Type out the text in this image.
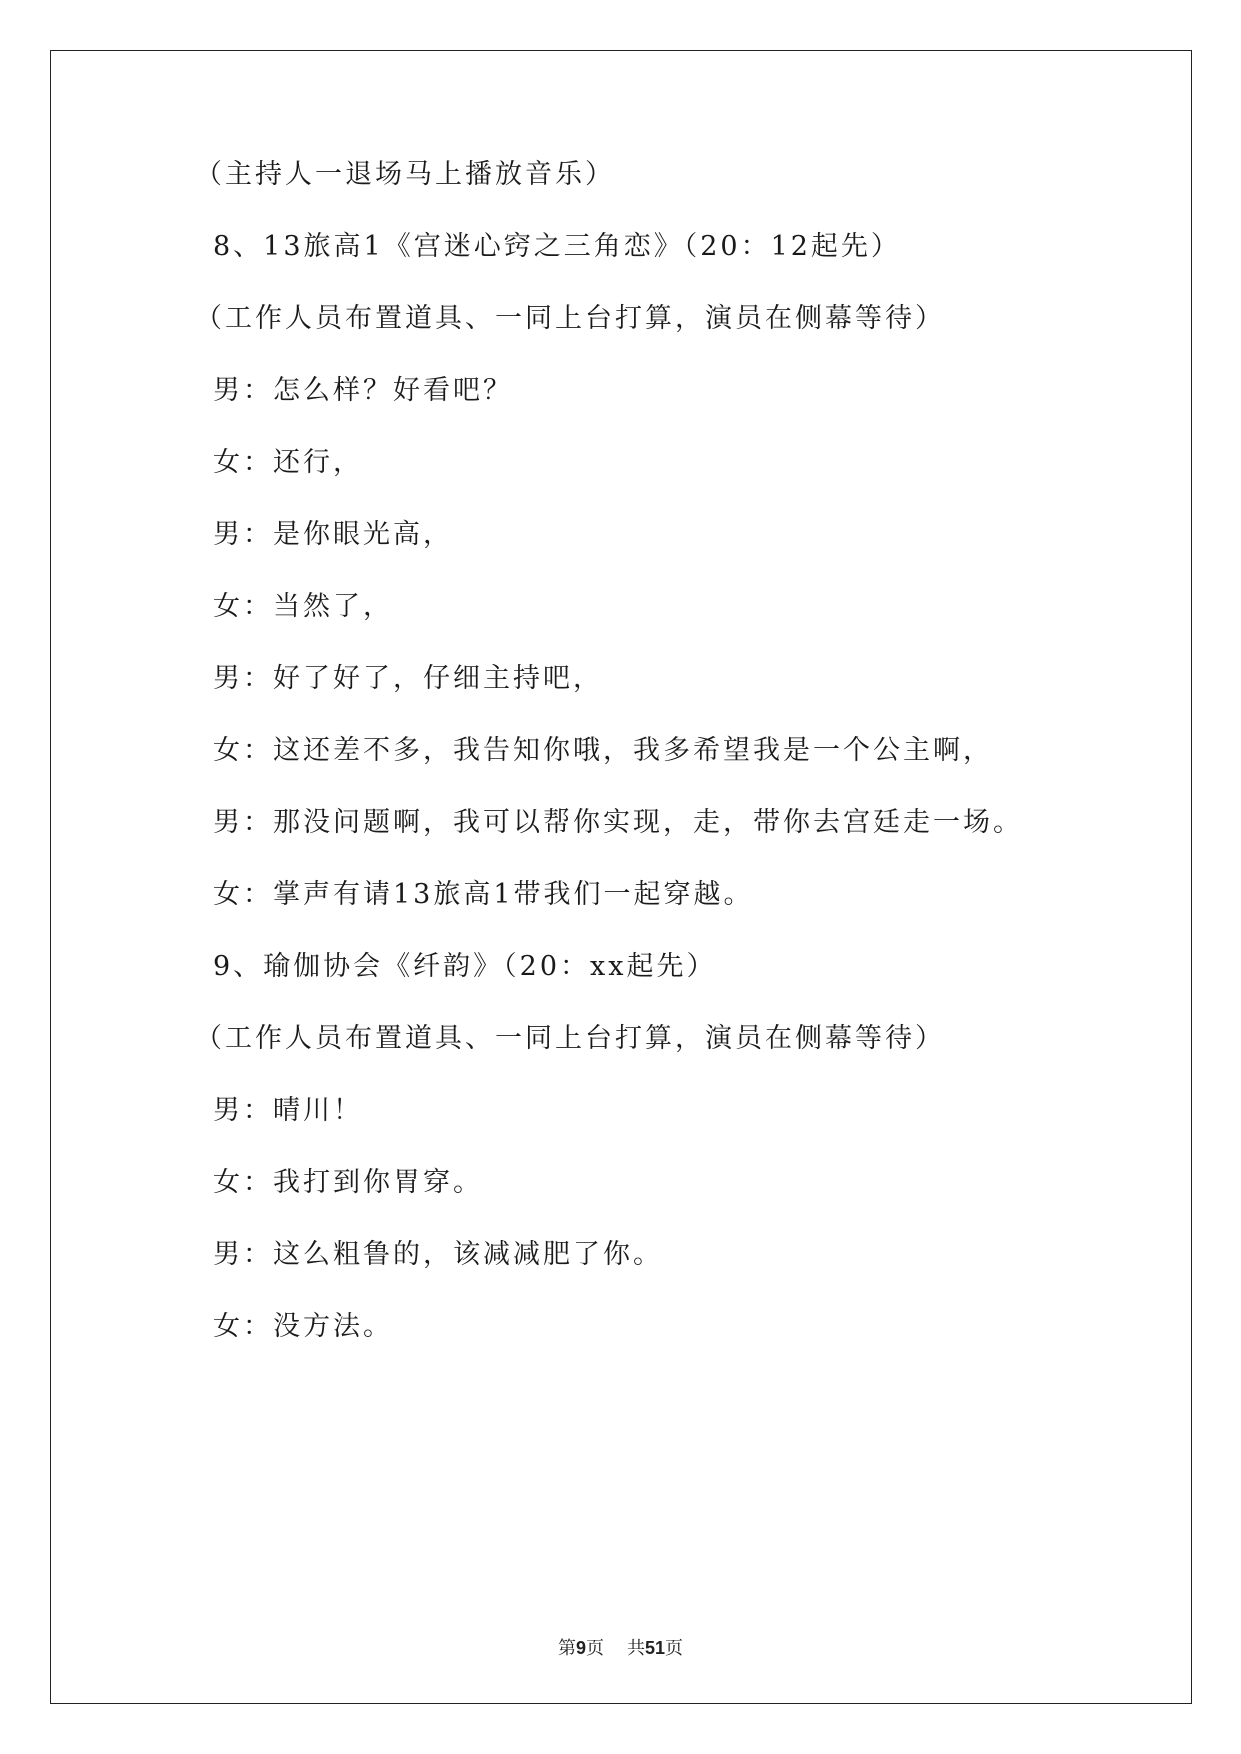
（主持人一退场马上播放音乐）
8、13旅高1《宫迷心窍之三角恋》（20：12起先）
（工作人员布置道具、一同上台打算，演员在侧幕等待）
男：怎么样？好看吧？
女：还行，
男：是你眼光高，
女：当然了，
男：好了好了，仔细主持吧，
女：这还差不多，我告知你哦，我多希望我是一个公主啊，
男：那没问题啊，我可以帮你实现，走，带你去宫廷走一场。
女：掌声有请13旅高1带我们一起穿越。
9、瑜伽协会《纤韵》（20：xx起先）
（工作人员布置道具、一同上台打算，演员在侧幕等待）
男：晴川！
女：我打到你胃穿。
男：这么粗鲁的，该减减肥了你。
女：没方法。
第9页 共51页
